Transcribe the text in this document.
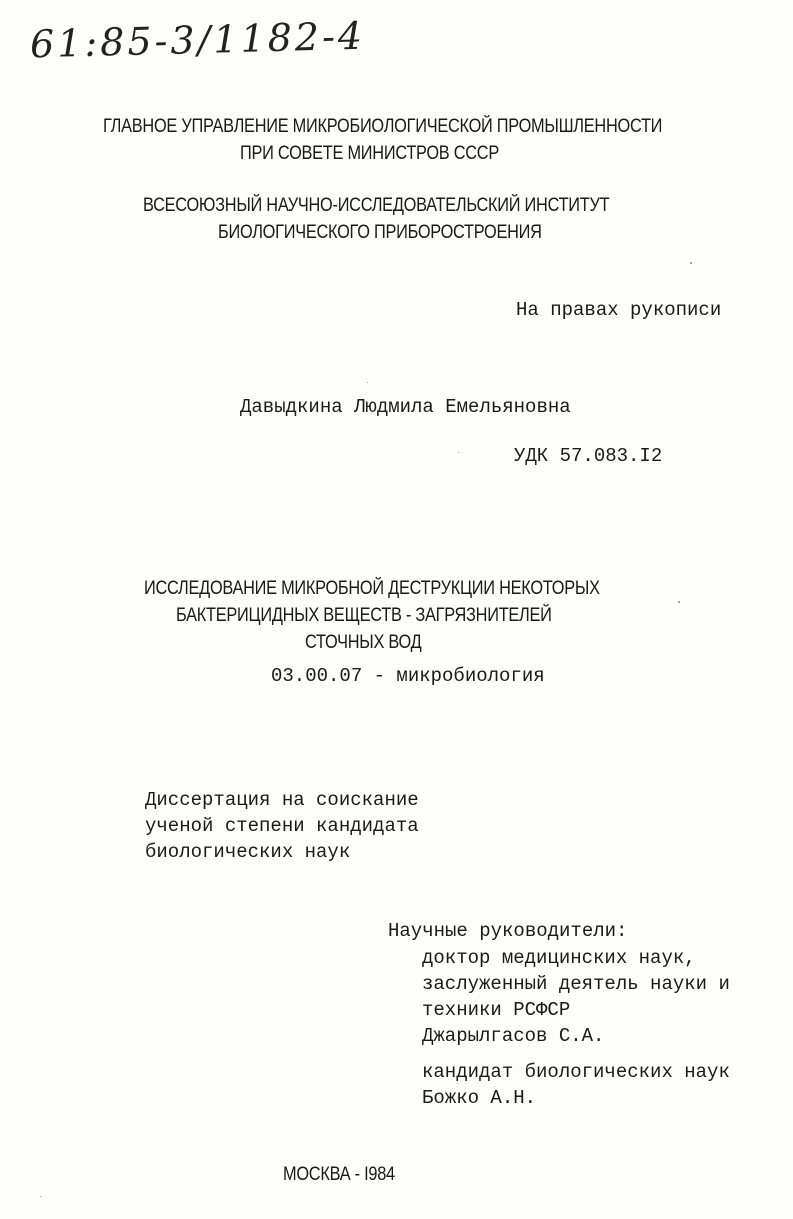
61:85-3/1182-4
ГЛАВНОЕ УПРАВЛЕНИЕ МИКРОБИОЛОГИЧЕСКОЙ ПРОМЫШЛЕННОСТИ
ПРИ СОВЕТЕ МИНИСТРОВ СССР
ВСЕСОЮЗНЫЙ НАУЧНО-ИССЛЕДОВАТЕЛЬСКИЙ ИНСТИТУТ
БИОЛОГИЧЕСКОГО ПРИБОРОСТРОЕНИЯ
На правах рукописи
Давыдкина Людмила Емельяновна
УДК 57.083.I2
ИССЛЕДОВАНИЕ МИКРОБНОЙ ДЕСТРУКЦИИ НЕКОТОРЫХ
БАКТЕРИЦИДНЫХ ВЕЩЕСТВ - ЗАГРЯЗНИТЕЛЕЙ
СТОЧНЫХ ВОД
03.00.07 - микробиология
Диссертация на соискание
ученой степени кандидата
биологических наук
Научные руководители:
доктор медицинских наук,
заслуженный деятель науки и
техники РСФСР
Джарылгасов С.А.
кандидат биологических наук
Божко А.Н.
МОСКВА - I984
